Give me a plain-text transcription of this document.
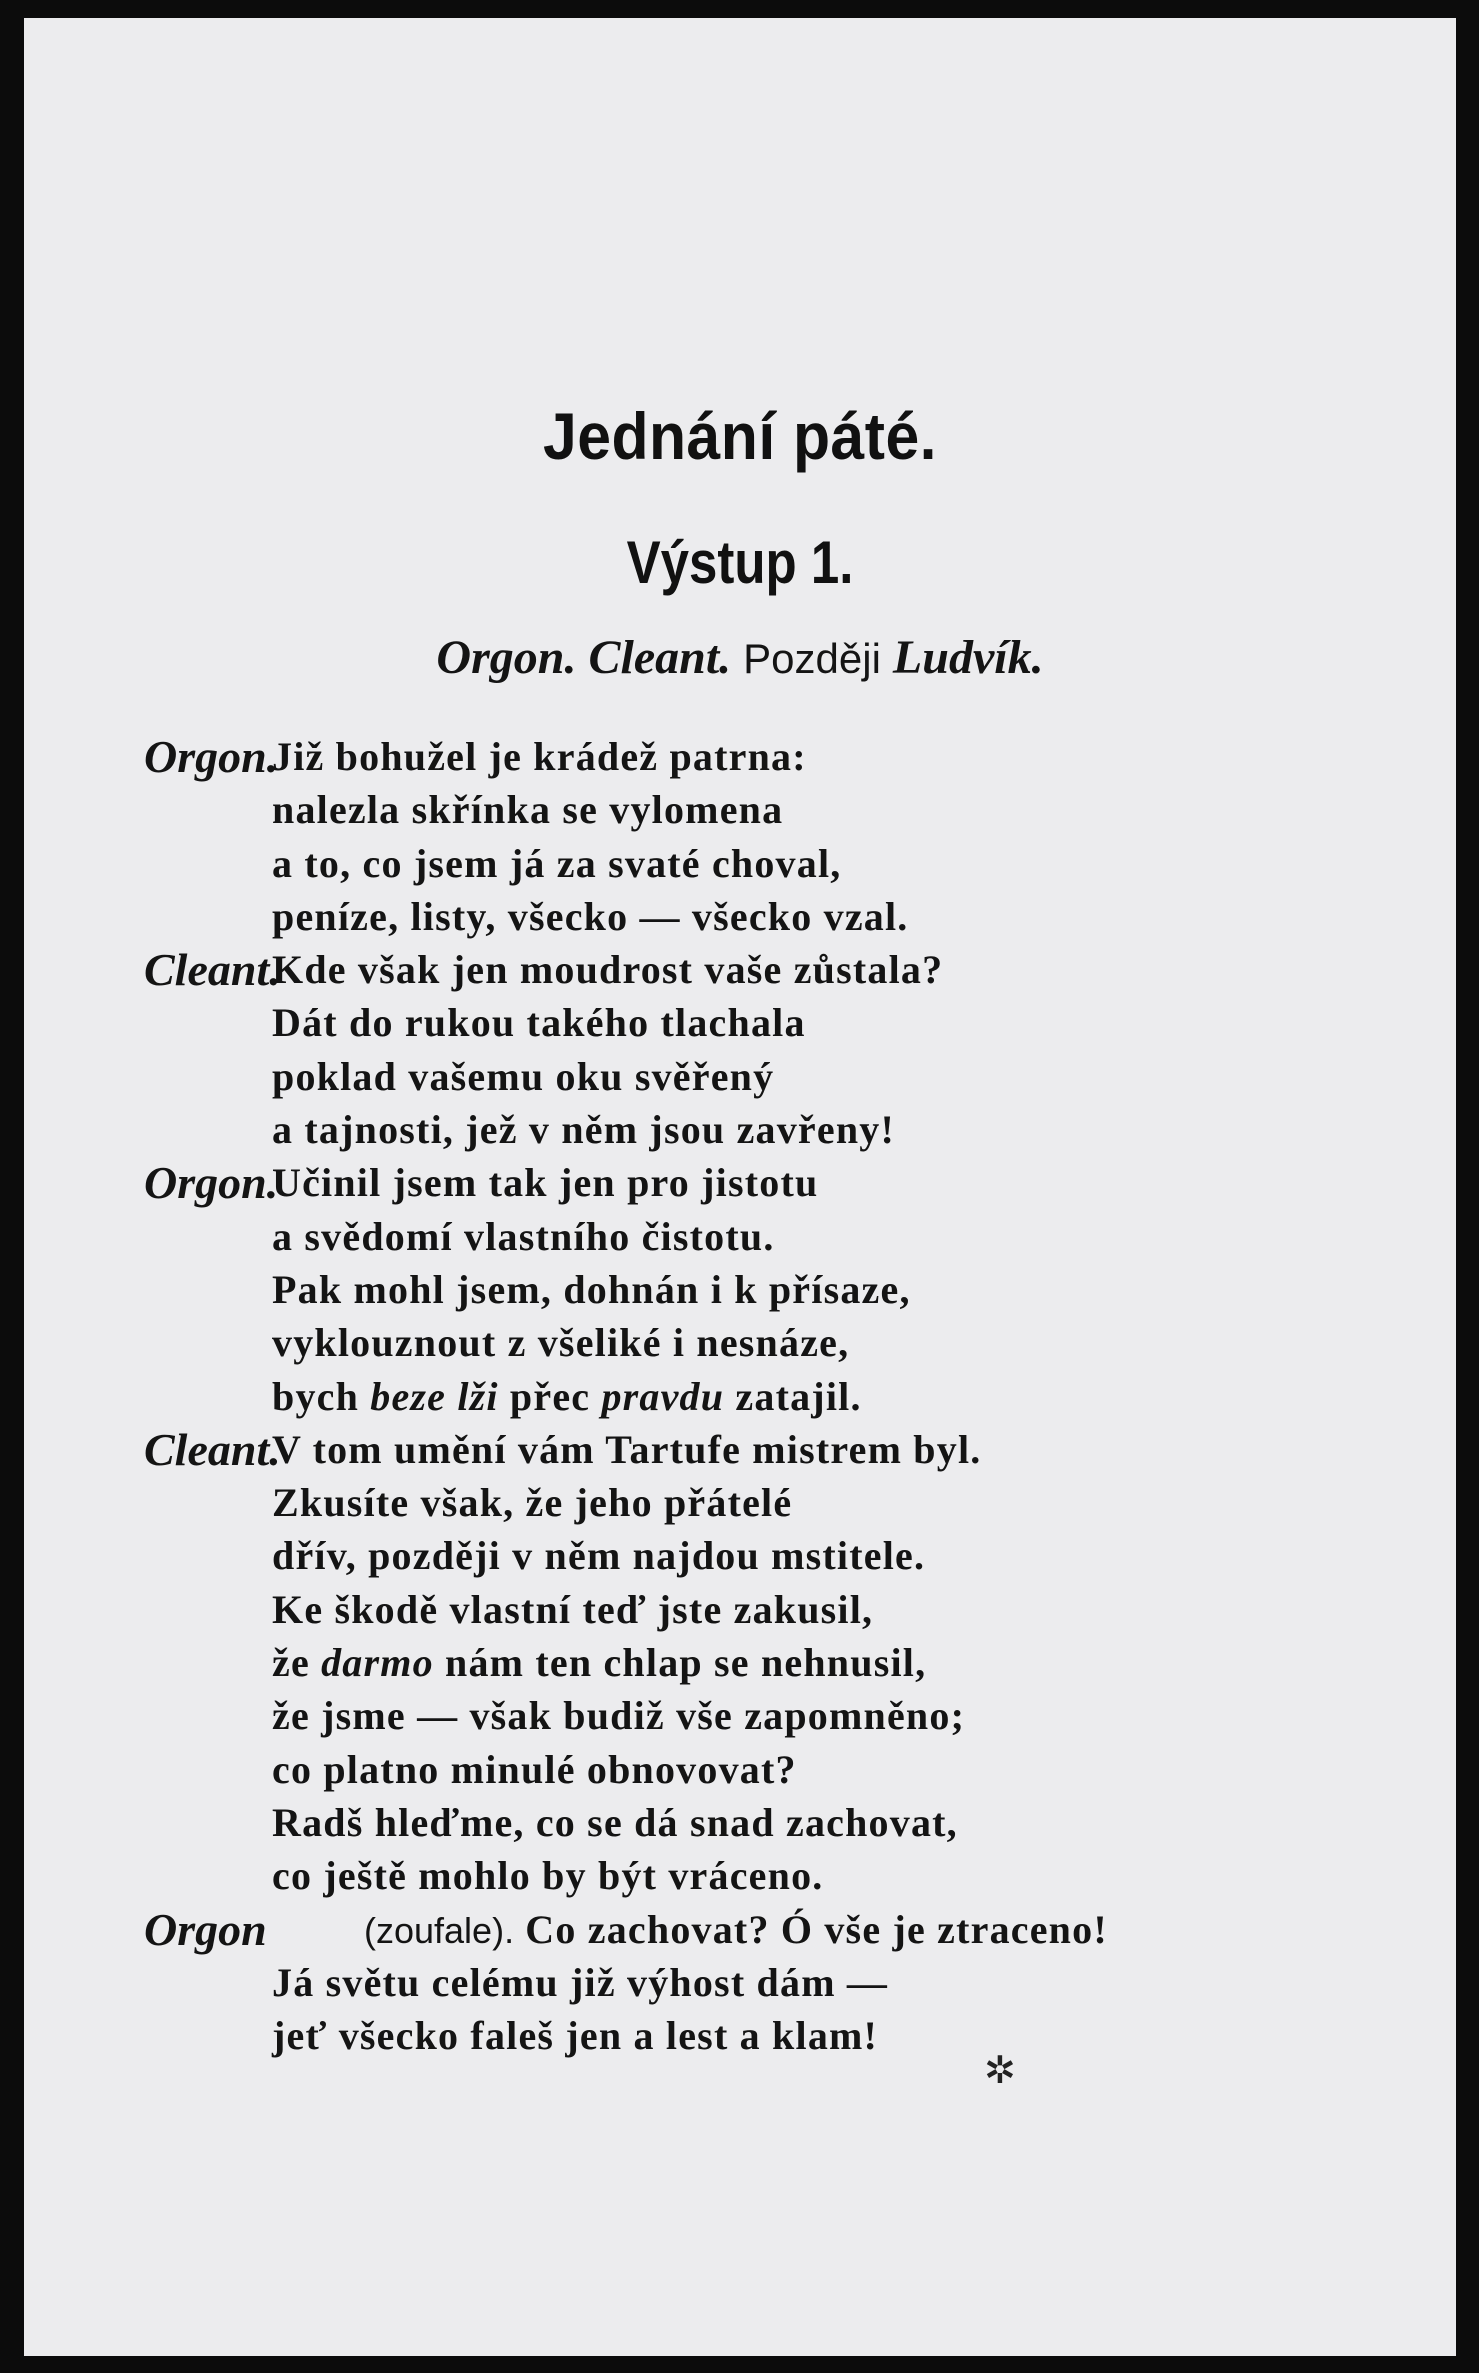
Jednání páté.
Výstup 1.
Orgon. Cleant. Později Ludvík.
Orgon.
Již bohužel je krádež patrna:
nalezla skřínka se vylomena
a to, co jsem já za svaté choval,
peníze, listy, všecko — všecko vzal.
Cleant.
Kde však jen moudrost vaše zůstala?
Dát do rukou takého tlachala
poklad vašemu oku svěřený
a tajnosti, jež v něm jsou zavřeny!
Orgon.
Učinil jsem tak jen pro jistotu
a svědomí vlastního čistotu.
Pak mohl jsem, dohnán i k přísaze,
vyklouznout z všeliké i nesnáze,
bych beze lži přec pravdu zatajil.
Cleant.
V tom umění vám Tartufe mistrem byl.
Zkusíte však, že jeho přátelé
dřív, později v něm najdou mstitele.
Ke škodě vlastní teď jste zakusil,
že darmo nám ten chlap se nehnusil,
že jsme — však budiž vše zapomněno;
co platno minulé obnovovat?
Radš hleďme, co se dá snad zachovat,
co ještě mohlo by být vráceno.
Orgon	(zoufale). Co zachovat? Ó vše je ztraceno!
Já světu celému již výhost dám —
jeť všecko faleš jen a lest a klam!
✲
